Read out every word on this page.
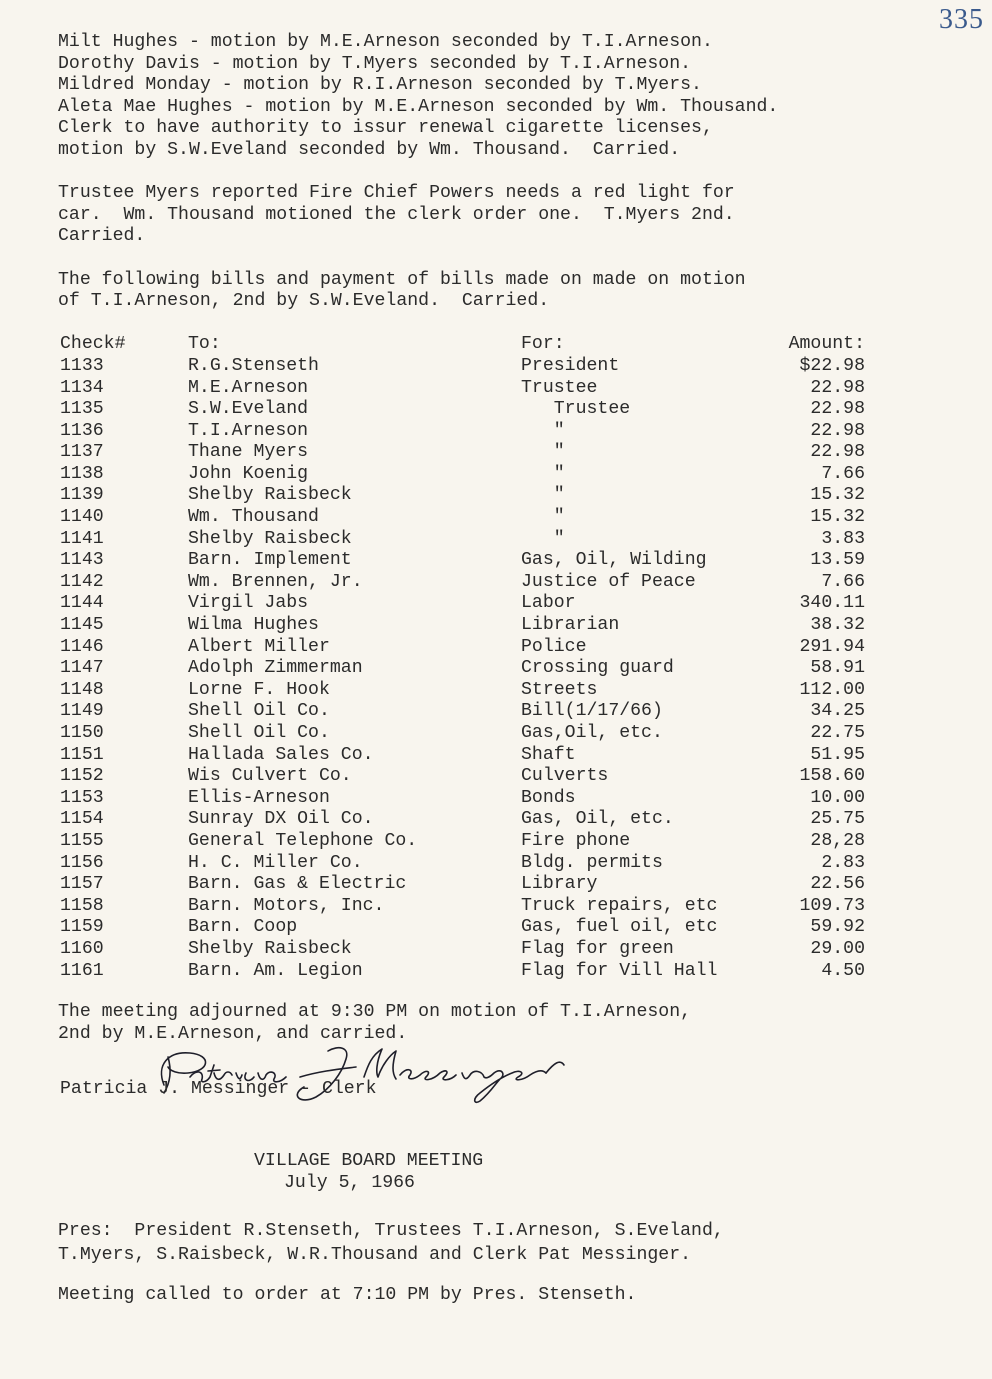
335
Milt Hughes - motion by M.E.Arneson seconded by T.I.Arneson.
Dorothy Davis - motion by T.Myers seconded by T.I.Arneson.
Mildred Monday - motion by R.I.Arneson seconded by T.Myers.
Aleta Mae Hughes - motion by M.E.Arneson seconded by Wm. Thousand.
Clerk to have authority to issur renewal cigarette licenses,
motion by S.W.Eveland seconded by Wm. Thousand.  Carried.
Trustee Myers reported Fire Chief Powers needs a red light for
car.  Wm. Thousand motioned the clerk order one.  T.Myers 2nd.
Carried.
The following bills and payment of bills made on made on motion
of T.I.Arneson, 2nd by S.W.Eveland.  Carried.
Check#	To:	For:	Amount:
1133	R.G.Stenseth	President	$22.98
1134	M.E.Arneson	Trustee	22.98
1135	S.W.Eveland	Trustee	22.98
1136	T.I.Arneson	"	22.98
1137	Thane Myers	"	22.98
1138	John Koenig	"	7.66
1139	Shelby Raisbeck	"	15.32
1140	Wm. Thousand	"	15.32
1141	Shelby Raisbeck	"	3.83
1143	Barn. Implement	Gas, Oil, Wilding	13.59
1142	Wm. Brennen, Jr.	Justice of Peace	7.66
1144	Virgil Jabs	Labor	340.11
1145	Wilma Hughes	Librarian	38.32
1146	Albert Miller	Police	291.94
1147	Adolph Zimmerman	Crossing guard	58.91
1148	Lorne F. Hook	Streets	112.00
1149	Shell Oil Co.	Bill(1/17/66)	34.25
1150	Shell Oil Co.	Gas,Oil, etc.	22.75
1151	Hallada Sales Co.	Shaft	51.95
1152	Wis Culvert Co.	Culverts	158.60
1153	Ellis-Arneson	Bonds	10.00
1154	Sunray DX Oil Co.	Gas, Oil, etc.	25.75
1155	General Telephone Co.	Fire phone	28,28
1156	H. C. Miller Co.	Bldg. permits	2.83
1157	Barn. Gas & Electric	Library	22.56
1158	Barn. Motors, Inc.	Truck repairs, etc	109.73
1159	Barn. Coop	Gas, fuel oil, etc	59.92
1160	Shelby Raisbeck	Flag for green	29.00
1161	Barn. Am. Legion	Flag for Vill Hall	4.50
The meeting adjourned at 9:30 PM on motion of T.I.Arneson,
2nd by M.E.Arneson, and carried.
Patricia J. Messinger - Clerk
VILLAGE BOARD MEETING
July 5, 1966
Pres:  President R.Stenseth, Trustees T.I.Arneson, S.Eveland,
T.Myers, S.Raisbeck, W.R.Thousand and Clerk Pat Messinger.
Meeting called to order at 7:10 PM by Pres. Stenseth.
